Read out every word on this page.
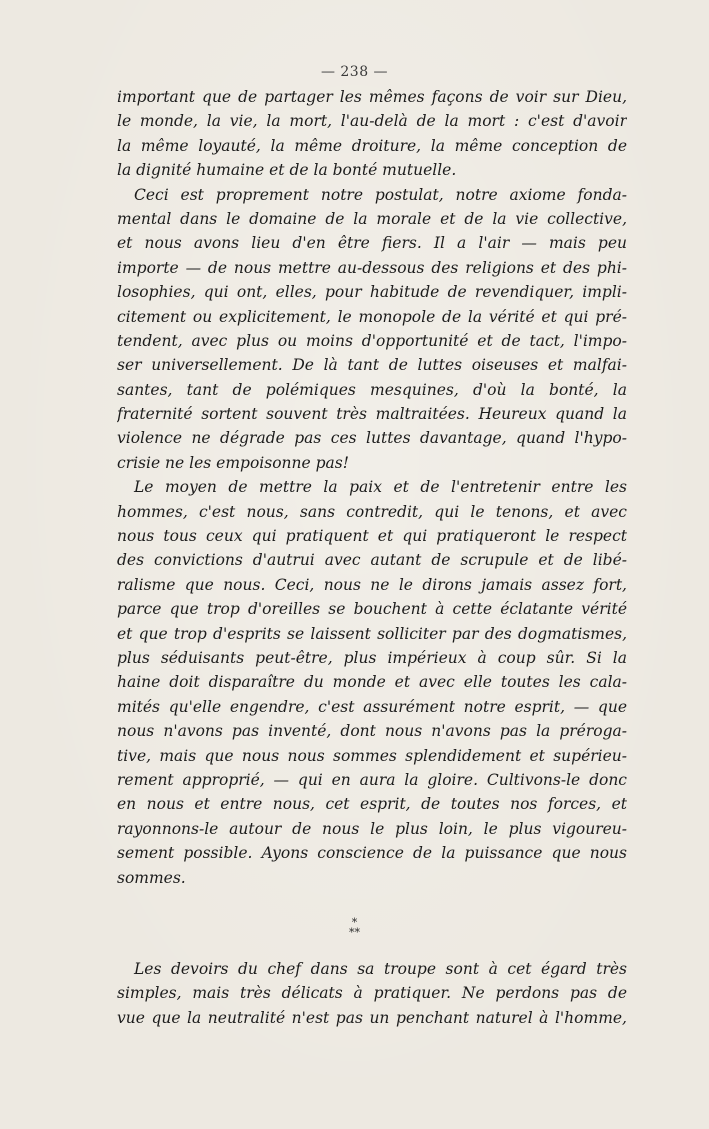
— 238 —
important que de partager les mêmes façons de voir sur Dieu,
le monde, la vie, la mort, l'au-delà de la mort : c'est d'avoir
la même loyauté, la même droiture, la même conception de
la dignité humaine et de la bonté mutuelle.
Ceci est proprement notre postulat, notre axiome fonda-
mental dans le domaine de la morale et de la vie collective,
et nous avons lieu d'en être fiers. Il a l'air — mais peu
importe — de nous mettre au-dessous des religions et des phi-
losophies, qui ont, elles, pour habitude de revendiquer, impli-
citement ou explicitement, le monopole de la vérité et qui pré-
tendent, avec plus ou moins d'opportunité et de tact, l'impo-
ser universellement. De là tant de luttes oiseuses et malfai-
santes, tant de polémiques mesquines, d'où la bonté, la
fraternité sortent souvent très maltraitées. Heureux quand la
violence ne dégrade pas ces luttes davantage, quand l'hypo-
crisie ne les empoisonne pas!
Le moyen de mettre la paix et de l'entretenir entre les
hommes, c'est nous, sans contredit, qui le tenons, et avec
nous tous ceux qui pratiquent et qui pratiqueront le respect
des convictions d'autrui avec autant de scrupule et de libé-
ralisme que nous. Ceci, nous ne le dirons jamais assez fort,
parce que trop d'oreilles se bouchent à cette éclatante vérité
et que trop d'esprits se laissent solliciter par des dogmatismes,
plus séduisants peut-être, plus impérieux à coup sûr. Si la
haine doit disparaître du monde et avec elle toutes les cala-
mités qu'elle engendre, c'est assurément notre esprit, — que
nous n'avons pas inventé, dont nous n'avons pas la préroga-
tive, mais que nous nous sommes splendidement et supérieu-
rement approprié, — qui en aura la gloire. Cultivons-le donc
en nous et entre nous, cet esprit, de toutes nos forces, et
rayonnons-le autour de nous le plus loin, le plus vigoureu-
sement possible. Ayons conscience de la puissance que nous
sommes.
*
**
Les devoirs du chef dans sa troupe sont à cet égard très
simples, mais très délicats à pratiquer. Ne perdons pas de
vue que la neutralité n'est pas un penchant naturel à l'homme,
